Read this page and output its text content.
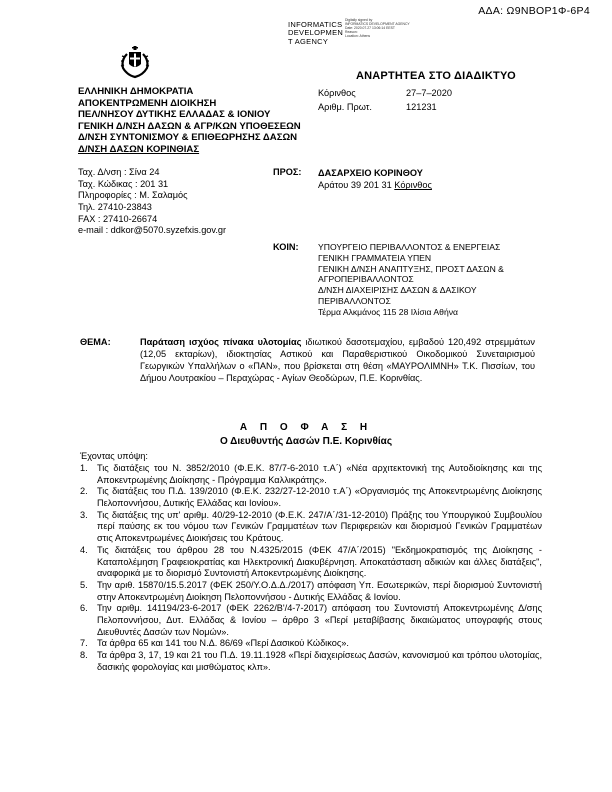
ΑΔΑ: Ω9ΝΒΟΡ1Φ-6Ρ4
INFORMATICS
DEVELOPMEN
T AGENCY
Digitally signed by
INFORMATICS DEVELOPMENT AGENCY
Date: 2020.07.27 13:06:14 EEST
Reason:
Location: Athens
ΕΛΛΗΝΙΚΗ ΔΗΜΟΚΡΑΤΙΑ
ΑΠΟΚΕΝΤΡΩΜΕΝΗ ΔΙΟΙΚΗΣΗ
ΠΕΛ/ΝΗΣΟΥ ΔΥΤΙΚΗΣ ΕΛΛΑΔΑΣ & ΙΟΝΙΟΥ
ΓΕΝΙΚΗ Δ/ΝΣΗ ΔΑΣΩΝ & ΑΓΡ/ΚΩΝ ΥΠΟΘΕΣΕΩΝ
Δ/ΝΣΗ ΣΥΝΤΟΝΙΣΜΟΥ & ΕΠΙΘΕΩΡΗΣΗΣ ΔΑΣΩΝ
Δ/ΝΣΗ ΔΑΣΩΝ ΚΟΡΙΝΘΙΑΣ
Ταχ. Δ/νση : Σίνα 24
Ταχ. Κώδικας : 201 31
Πληροφορίες : Μ. Σαλαμός
Τηλ. 27410-23843
FAX : 27410-26674
e-mail : ddkor@5070.syzefxis.gov.gr
ΑΝΑΡΤΗΤΕΑ ΣΤΟ ΔΙΑΔΙΚΤΥΟ
Κόρινθος	27–7–2020
Αριθμ. Πρωτ.	121231
ΠΡΟΣ: ΔΑΣΑΡΧΕΙΟ ΚΟΡΙΝΘΟΥ
Αράτου 39 201 31 Κόρινθος
ΚΟΙΝ: ΥΠΟΥΡΓΕΙΟ ΠΕΡΙΒΑΛΛΟΝΤΟΣ & ΕΝΕΡΓΕΙΑΣ
ΓΕΝΙΚΗ ΓΡΑΜΜΑΤΕΙΑ ΥΠΕΝ
ΓΕΝΙΚΗ Δ/ΝΣΗ ΑΝΑΠΤΥΞΗΣ, ΠΡΟΣΤ ΔΑΣΩΝ &
ΑΓΡΟΠΕΡΙΒΑΛΛΟΝΤΟΣ
Δ/ΝΣΗ ΔΙΑΧΕΙΡΙΣΗΣ ΔΑΣΩΝ & ΔΑΣΙΚΟΥ
ΠΕΡΙΒΑΛΛΟΝΤΟΣ
Τέρμα Αλκμάνος 115 28 Ιλίσια Αθήνα
ΘΕΜΑ:	Παράταση ισχύος πίνακα υλοτομίας ιδιωτικού δασοτεμαχίου, εμβαδού 120,492 στρεμμάτων (12,05 εκταρίων), ιδιοκτησίας Αστικού και Παραθεριστικού Οικοδομικού Συνεταιρισμού Γεωργικών Υπαλλήλων ο «ΠΑΝ», που βρίσκεται στη θέση «ΜΑΥΡΟΛΙΜΝΗ» Τ.Κ. Πισσίων, του Δήμου Λουτρακίου – Περαχώρας - Αγίων Θεοδώρων, Π.Ε. Κορινθίας.
Α Π Ο Φ Α Σ Η
Ο Διευθυντής Δασών Π.Ε. Κορινθίας
Έχοντας υπόψη:
1. Τις διατάξεις του Ν. 3852/2010 (Φ.Ε.Κ. 87/7-6-2010 τ.Α΄) «Νέα αρχιτεκτονική της Αυτοδιοίκησης και της Αποκεντρωμένης Διοίκησης - Πρόγραμμα Καλλικράτης».
2. Τις διατάξεις του Π.Δ. 139/2010 (Φ.Ε.Κ. 232/27-12-2010 τ.Α΄) «Οργανισμός της Αποκεντρωμένης Διοίκησης Πελοποννήσου, Δυτικής Ελλάδας και Ιονίου».
3. Τις διατάξεις της υπ' αριθμ. 40/29-12-2010 (Φ.Ε.Κ. 247/Α΄/31-12-2010) Πράξης του Υπουργικού Συμβουλίου περί παύσης εκ του νόμου των Γενικών Γραμματέων των Περιφερειών και διορισμού Γενικών Γραμματέων στις Αποκεντρωμένες Διοικήσεις του Κράτους.
4. Τις διατάξεις του άρθρου 28 του Ν.4325/2015 (ΦΕΚ 47/Α΄/2015) "Εκδημοκρατισμός της Διοίκησης - Καταπολέμηση Γραφειοκρατίας και Ηλεκτρονική Διακυβέρνηση. Αποκατάσταση αδικιών και άλλες διατάξεις", αναφορικά με το διορισμό Συντονιστή Αποκεντρωμένης Διοίκησης.
5. Την αριθ. 15870/15.5.2017 (ΦΕΚ 250/Υ.Ο.Δ.Δ./2017) απόφαση Υπ. Εσωτερικών, περί διορισμού Συντονιστή στην Αποκεντρωμένη Διοίκηση Πελοποννήσου - Δυτικής Ελλάδας & Ιονίου.
6. Την αριθμ. 141194/23-6-2017 (ΦΕΚ 2262/Β'/4-7-2017) απόφαση του Συντονιστή Αποκεντρωμένης Δ/σης Πελοποννήσου, Δυτ. Ελλάδας & Ιονίου – άρθρο 3 «Περί μεταβίβασης δικαιώματος υπογραφής στους Διευθυντές Δασών των Νομών».
7. Τα άρθρα 65 και 141 του Ν.Δ. 86/69 «Περί Δασικού Κώδικος».
8. Τα άρθρα 3, 17, 19 και 21 του Π.Δ. 19.11.1928 «Περί διαχειρίσεως Δασών, κανονισμού και τρόπου υλοτομίας, δασικής φορολογίας και μισθώματος κλπ».
